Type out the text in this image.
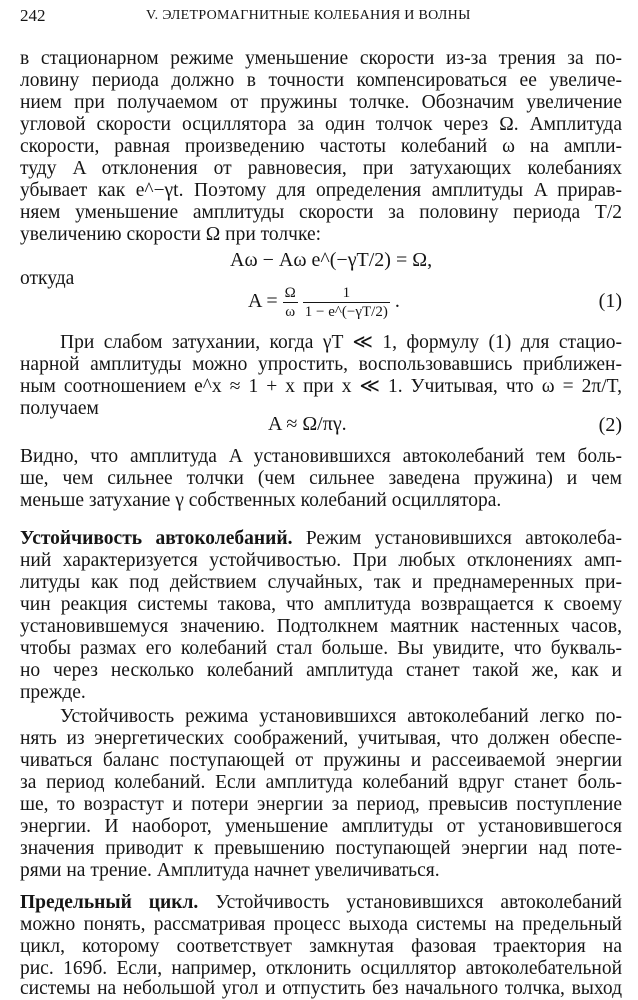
242	V. ЭЛЕТРОМАГНИТНЫЕ КОЛЕБАНИЯ И ВОЛНЫ
в стационарном режиме уменьшение скорости из-за трения за по-
ловину периода должно в точности компенсироваться ее увеличе-
нием при получаемом от пружины толчке. Обозначим увеличение
угловой скорости осциллятора за один толчок через Ω. Амплитуда
скорости, равная произведению частоты колебаний ω на ампли-
туду A отклонения от равновесия, при затухающих колебаниях
убывает как e^−γt. Поэтому для определения амплитуды A прирав-
няем уменьшение амплитуды скорости за половину периода T/2
увеличению скорости Ω при толчке:
Aω − Aω e^(−γT/2) = Ω,
откуда
$A = \frac{\Omega}{\omega}$
$\frac{1}{1 - e\^{}(-\gamma T/2)}$ .	(1)
При слабом затухании, когда γT ≪ 1, формулу (1) для стацио-
нарной амплитуды можно упростить, воспользовавшись приближен-
ным соотношением e^x ≈ 1 + x при x ≪ 1. Учитывая, что ω = 2π/T,
получаем
A ≈ Ω/πγ.	(2)
Видно, что амплитуда A установившихся автоколебаний тем боль-
ше, чем сильнее толчки (чем сильнее заведена пружина) и чем
меньше затухание γ собственных колебаний осциллятора.
Устойчивость автоколебаний. Режим установившихся автоколеба-
ний характеризуется устойчивостью. При любых отклонениях амп-
литуды как под действием случайных, так и преднамеренных при-
чин реакция системы такова, что амплитуда возвращается к своему
установившемуся значению. Подтолкнем маятник настенных часов,
чтобы размах его колебаний стал больше. Вы увидите, что букваль-
но через несколько колебаний амплитуда станет такой же, как и
прежде.
Устойчивость режима установившихся автоколебаний легко по-
нять из энергетических соображений, учитывая, что должен обеспе-
чиваться баланс поступающей от пружины и рассеиваемой энергии
за период колебаний. Если амплитуда колебаний вдруг станет боль-
ше, то возрастут и потери энергии за период, превысив поступление
энергии. И наоборот, уменьшение амплитуды от установившегося
значения приводит к превышению поступающей энергии над поте-
рями на трение. Амплитуда начнет увеличиваться.
Предельный цикл. Устойчивость установившихся автоколебаний
можно понять, рассматривая процесс выхода системы на предельный
цикл, которому соответствует замкнутая фазовая траектория на
рис. 169б. Если, например, отклонить осциллятор автоколебательной
системы на небольшой угол и отпустить без начального толчка, выход
